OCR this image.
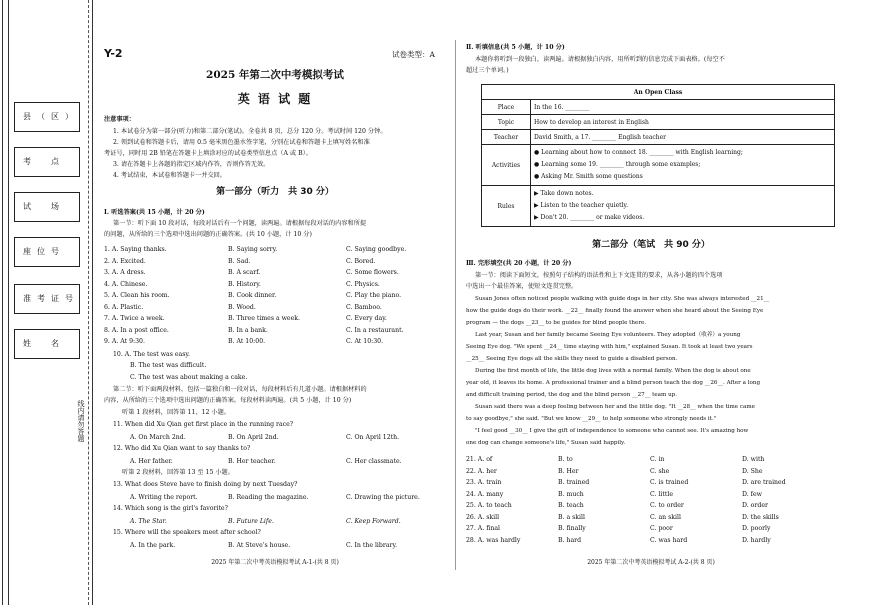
县（区）
考　点
试　场
座位号
准考证号
姓　名
线内请勿答题
Y-2	试卷类型：A
2025 年第二次中考模拟考试
英 语 试 题
注意事项：
1. 本试卷分为第一部分(听力)和第二部分(笔试)。全卷共 8 页，总分 120 分。考试时间 120 分钟。
2. 领到试卷和答题卡后，请用 0.5 毫米黑色墨水签字笔，分别在试卷和答题卡上填写姓名和准
考证号，同时用 2B 铅笔在答题卡上填涂对应的试卷类型信息点（A 或 B）。
3. 请在答题卡上各题的指定区域内作答，否则作答无效。
4. 考试结束，本试卷和答题卡一并交回。
第一部分（听力　共 30 分）
Ⅰ. 听选答案(共 15 小题，计 20 分)
第一节：听下面 10 段对话，每段对话后有一个问题，读两遍。请根据每段对话的内容和所提
的问题，从所给的三个选项中选出问题的正确答案。(共 10 小题，计 10 分)
1. A. Saying thanks.	B. Saying sorry.	C. Saying goodbye.
2. A. Excited.	B. Sad.	C. Bored.
3. A. A dress.	B. A scarf.	C. Some flowers.
4. A. Chinese.	B. History.	C. Physics.
5. A. Clean his room.	B. Cook dinner.	C. Play the piano.
6. A. Plastic.	B. Wood.	C. Bamboo.
7. A. Twice a week.	B. Three times a week.	C. Every day.
8. A. In a post office.	B. In a bank.	C. In a restaurant.
9. A. At 9:30.	B. At 10:00.	C. At 10:30.
10. A. The test was easy.
B. The test was difficult.
C. The test was about making a cake.
第二节：听下面两段材料，包括一篇独白和一段对话，每段材料后有几道小题。请根据材料的
内容，从所给的三个选项中选出问题的正确答案。每段材料读两遍。(共 5 小题，计 10 分)
听第 1 段材料，回答第 11、12 小题。
11. When did Xu Qian get first place in the running race?
A. On March 2nd.	B. On April 2nd.	C. On April 12th.
12. Who did Xu Qian want to say thanks to?
A. Her father.	B. Her teacher.	C. Her classmate.
听第 2 段材料，回答第 13 至 15 小题。
13. What does Steve have to finish doing by next Tuesday?
A. Writing the report.	B. Reading the magazine.	C. Drawing the picture.
14. Which song is the girl's favorite?
A. The Star.	B. Future Life.	C. Keep Forward.
15. Where will the speakers meet after school?
A. In the park.	B. At Steve's house.	C. In the library.
2025 年第二次中考英语模拟考试 A-1-(共 8 页)
Ⅱ. 听填信息(共 5 小题，计 10 分)
本题你将听到一段独白，读两遍。请根据独白内容，用所听到的信息完成下面表格。(每空不
超过三个单词。)
An Open Class	
Place	In the 16. ________
Topic	How to develop an interest in English
Teacher	David Smith, a 17. ________ English teacher
Activities	● Learning about how to connect 18. ________ with English learning;
● Learning some 19. ________ through some examples;
● Asking Mr. Smith some questions

Rules	▶ Take down notes.
▶ Listen to the teacher quietly.
▶ Don't 20. ________ or make videos.
第二部分（笔试　共 90 分）
Ⅲ. 完形填空(共 20 小题，计 20 分)
第一节：阅读下面短文，按照句子结构的语法性和上下文连贯的要求，从各小题的四个选项
中选出一个最佳答案，使短文连贯完整。
Susan Jones often noticed people walking with guide dogs in her city. She was always interested __21__
how the guide dogs do their work. __22__ finally found the answer when she heard about the Seeing Eye
program — the dogs __23__ to be guides for blind people there.
Last year, Susan and her family became Seeing Eye volunteers. They adopted（收养）a young
Seeing Eye dog. "We spent __24__ time staying with him," explained Susan. It took at least two years
__25__ Seeing Eye dogs all the skills they need to guide a disabled person.
During the first month of life, the little dog lives with a normal family. When the dog is about one
year old, it leaves its home. A professional trainer and a blind person teach the dog __26__. After a long
and difficult training period, the dog and the blind person __27__ team up.
Susan said there was a deep feeling between her and the little dog. "It __28__ when the time came
to say goodbye," she said. "But we know __29__ to help someone who strongly needs it."
"I feel good __30__ I give the gift of independence to someone who cannot see. It's amazing how
one dog can change someone's life," Susan said happily.
21. A. of	B. to	C. in	D. with
22. A. her	B. Her	C. she	D. She
23. A. train	B. trained	C. is trained	D. are trained
24. A. many	B. much	C. little	D. few
25. A. to teach	B. teach	C. to order	D. order
26. A. skill	B. a skill	C. an skill	D. the skills
27. A. final	B. finally	C. poor	D. poorly
28. A. was hardly	B. hard	C. was hard	D. hardly
2025 年第二次中考英语模拟考试 A-2-(共 8 页)
